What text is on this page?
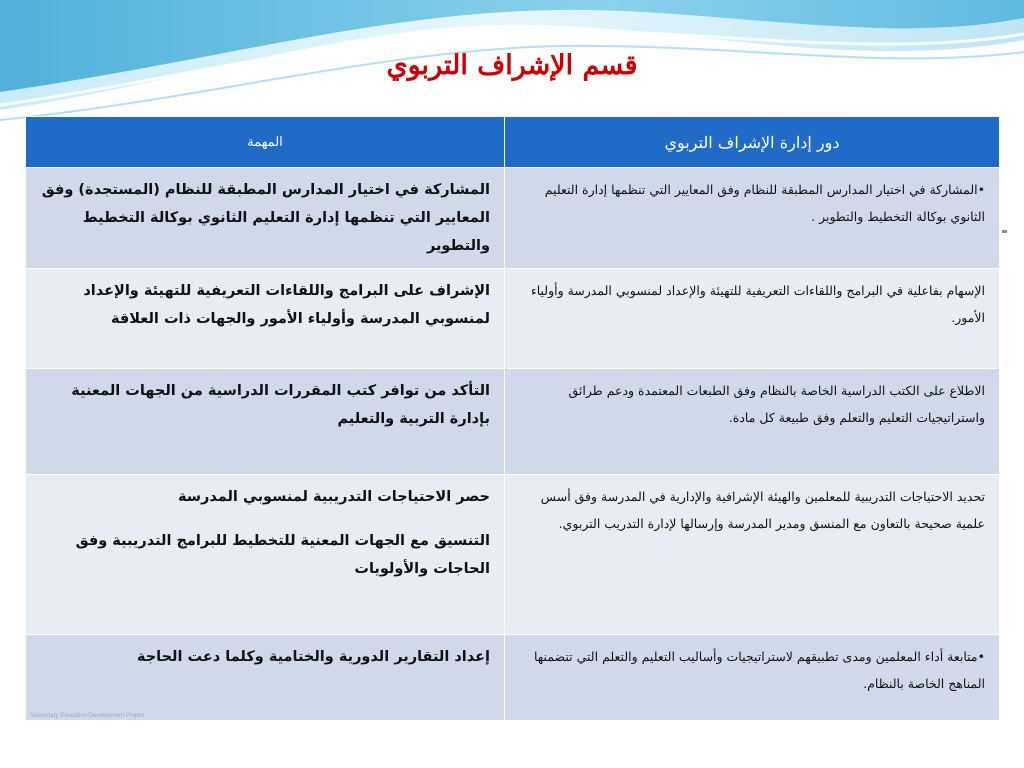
قسم الإشراف التربوي
دور إدارة الإشراف التربوي	المهمة
•المشاركة في اختيار المدارس المطبقة للنظام وفق المعايير التي تنظمها إدارة التعليم الثانوي بوكالة التخطيط والتطوير .	المشاركة في اختيار المدارس المطبقة للنظام (المستجدة) وفق المعايير التي تنظمها إدارة التعليم الثانوي بوكالة التخطيط والتطوير

الإسهام بفاعلية في البرامج واللقاءات التعريفية للتهيئة والإعداد لمنسوبي المدرسة وأولياء الأمور.	الإشراف على البرامج واللقاءات التعريفية للتهيئة والإعداد لمنسوبي المدرسة وأولياء الأمور والجهات ذات العلاقة

الاطلاع على الكتب الدراسية الخاصة بالنظام وفق الطبعات المعتمدة ودعم طرائق واستراتيجيات التعليم والتعلم وفق طبيعة كل مادة.	التأكد من توافر كتب المقررات الدراسية من الجهات المعنية بإدارة التربية والتعليم

تحديد الاحتياجات التدريبية للمعلمين والهيئة الإشرافية والإدارية في المدرسة وفق أسس علمية صحيحة بالتعاون مع المنسق ومدير المدرسة وإرسالها لإدارة التدريب التربوي.	حصر الاحتياجات التدريبية لمنسوبي المدرسة

التنسيق مع الجهات المعنية للتخطيط للبرامج التدريبية وفق الحاجات والأولويات

•متابعة أداء المعلمين ومدى تطبيقهم لاستراتيجيات وأساليب التعليم والتعلم التي تتضمنها المناهج الخاصة بالنظام.	إعداد التقارير الدورية والختامية وكلما دعت الحاجة

Secondary Education Development Project
